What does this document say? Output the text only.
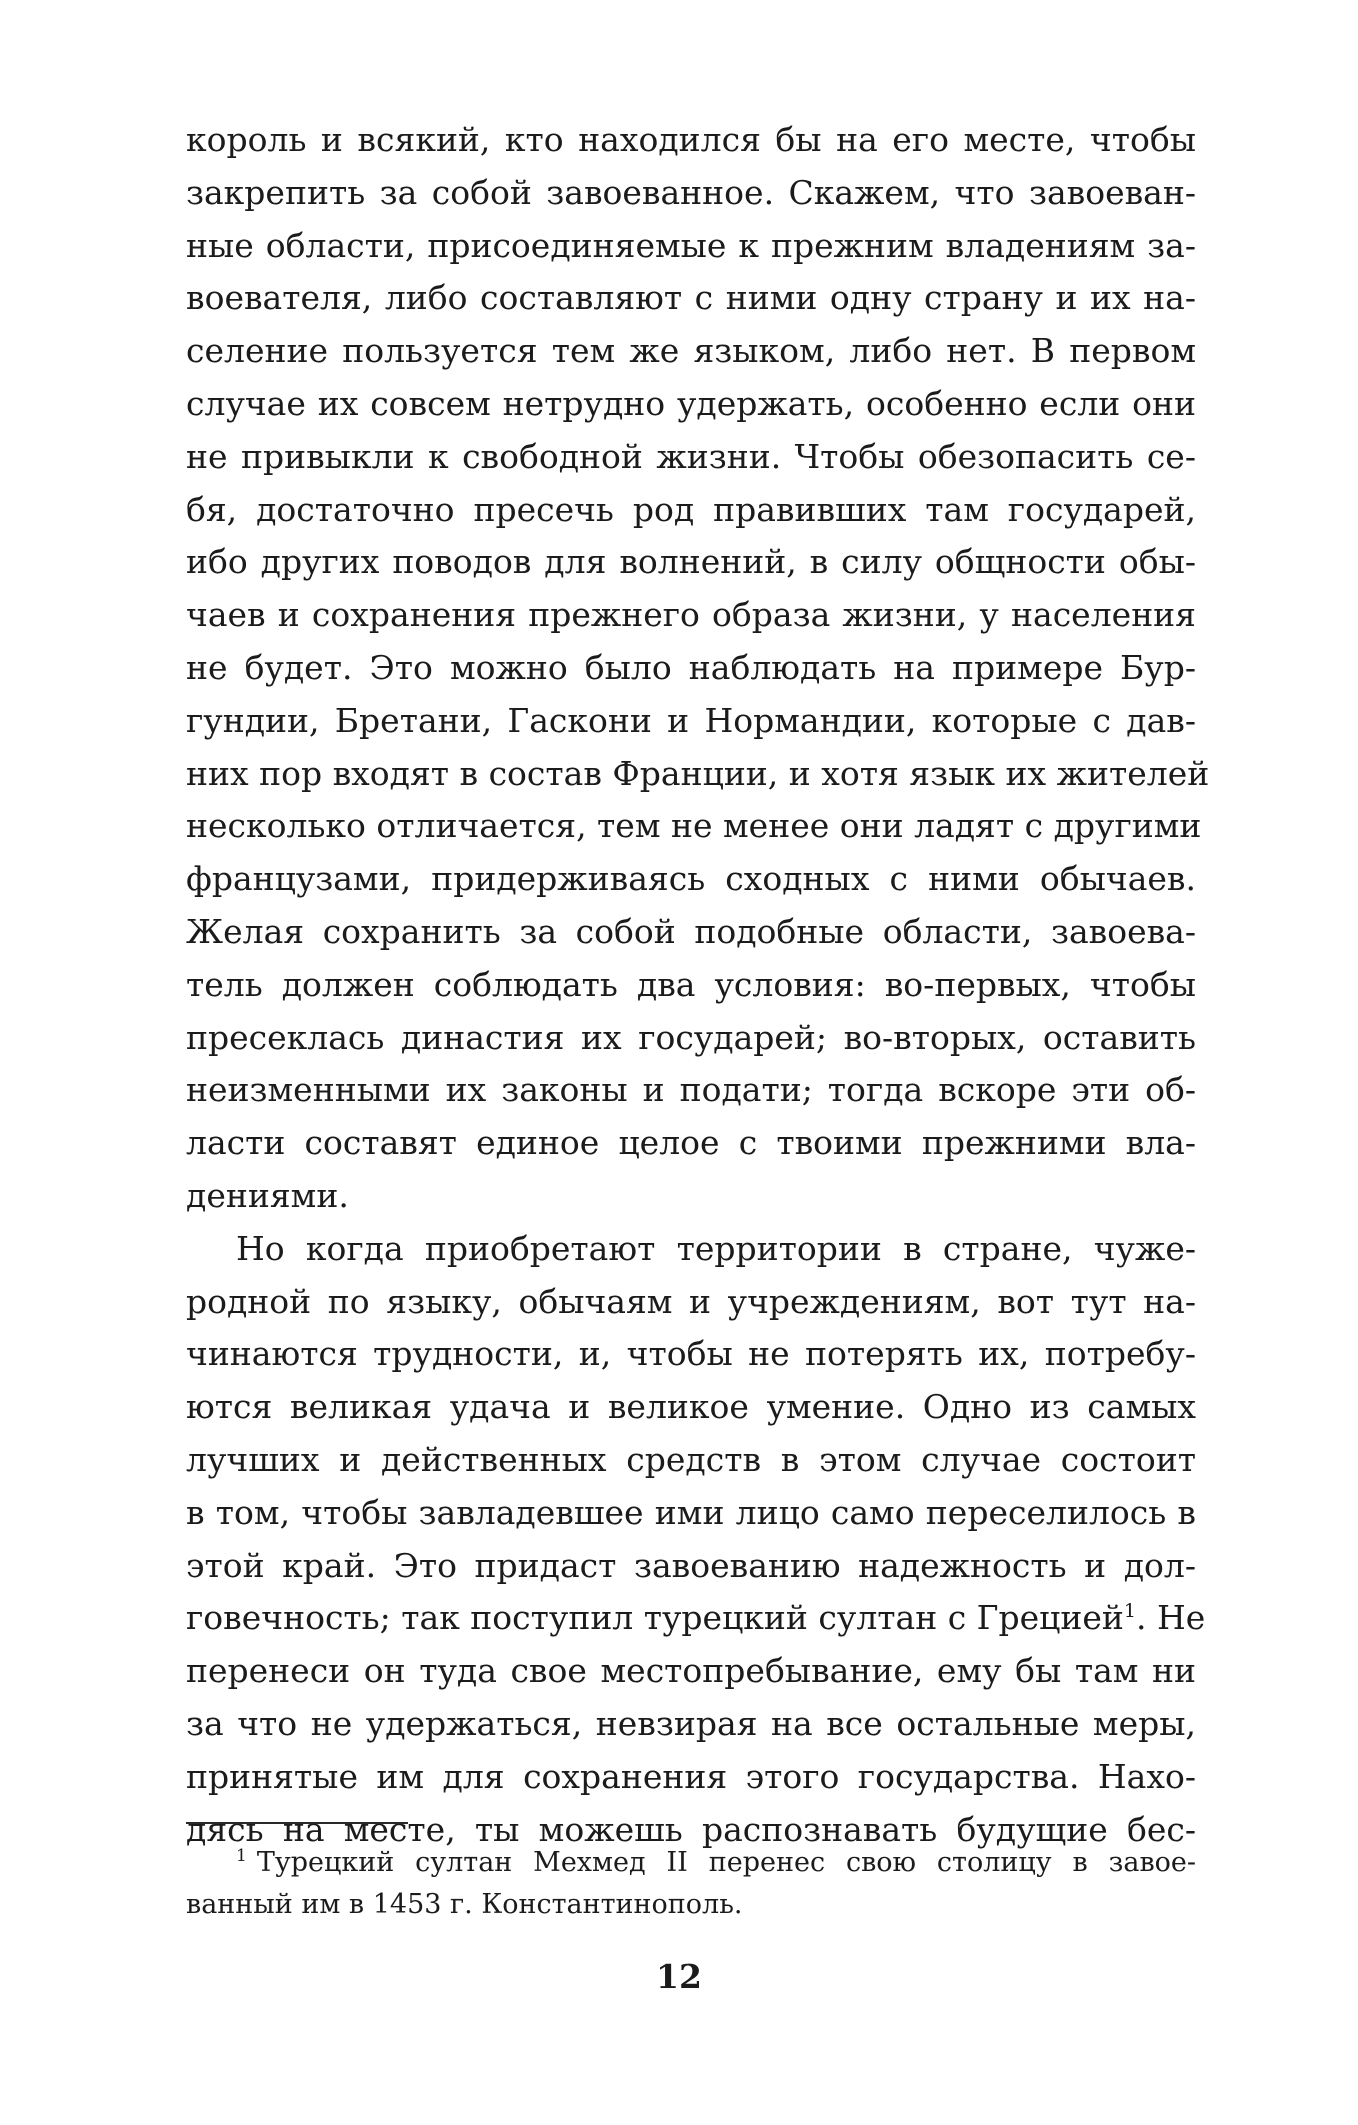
король и всякий, кто находился бы на его месте, чтобы
закрепить за собой завоеванное. Скажем, что завоеван-
ные области, присоединяемые к прежним владениям за-
воевателя, либо составляют с ними одну страну и их на-
селение пользуется тем же языком, либо нет. В первом
случае их совсем нетрудно удержать, особенно если они
не привыкли к свободной жизни. Чтобы обезопасить се-
бя, достаточно пресечь род правивших там государей,
ибо других поводов для волнений, в силу общности обы-
чаев и сохранения прежнего образа жизни, у населения
не будет. Это можно было наблюдать на примере Бур-
гундии, Бретани, Гаскони и Нормандии, которые с дав-
них пор входят в состав Франции, и хотя язык их жителей
несколько отличается, тем не менее они ладят с другими
французами, придерживаясь сходных с ними обычаев.
Желая сохранить за собой подобные области, завоева-
тель должен соблюдать два условия: во-первых, чтобы
пресеклась династия их государей; во-вторых, оставить
неизменными их законы и подати; тогда вскоре эти об-
ласти составят единое целое с твоими прежними вла-
дениями.
Но когда приобретают территории в стране, чуже-
родной по языку, обычаям и учреждениям, вот тут на-
чинаются трудности, и, чтобы не потерять их, потребу-
ются великая удача и великое умение. Одно из самых
лучших и действенных средств в этом случае состоит
в том, чтобы завладевшее ими лицо само переселилось в
этой край. Это придаст завоеванию надежность и дол-
говечность; так поступил турецкий султан с Грецией$^1$. Не
перенеси он туда свое местопребывание, ему бы там ни
за что не удержаться, невзирая на все остальные меры,
принятые им для сохранения этого государства. Нахо-
дясь на месте, ты можешь распознавать будущие бес-
$^1$ Турецкий султан Мехмед II перенес свою столицу в завое-
ванный им в 1453 г. Константинополь.
12
